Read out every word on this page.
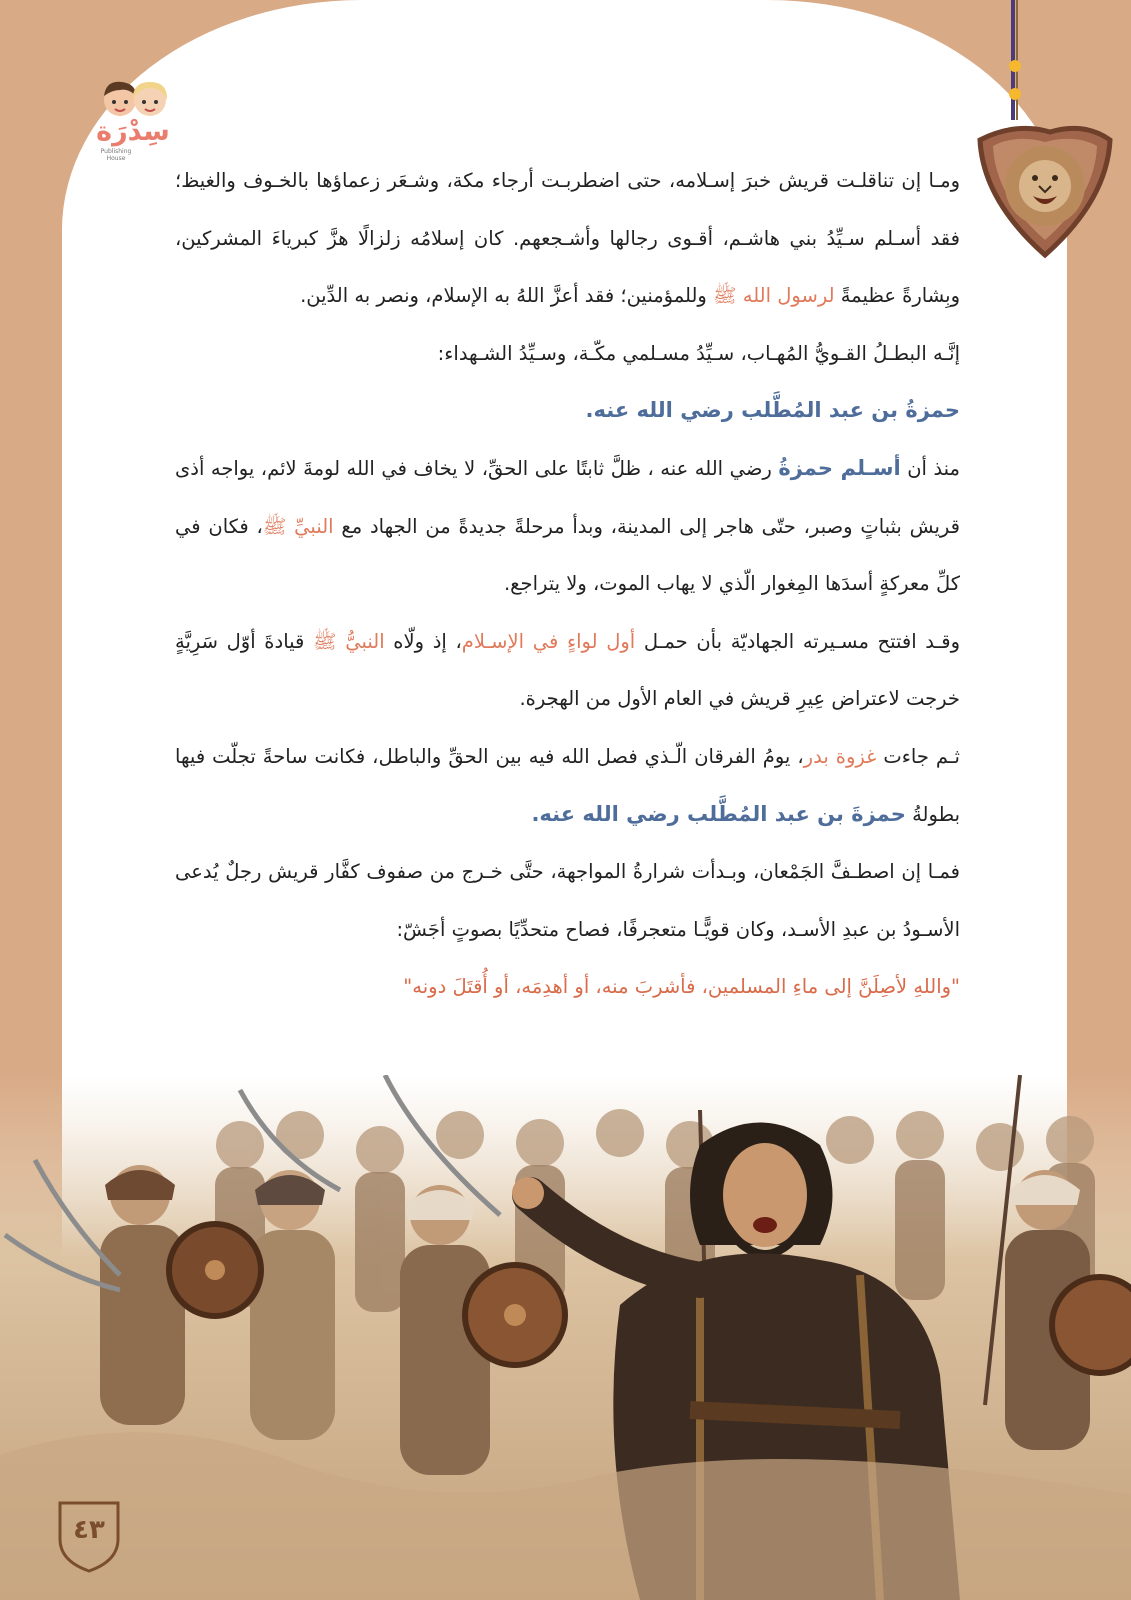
سِدْرَة
Publishing House

ومـا إن تناقلـت قريش خبرَ إسـلامه، حتى اضطربـت أرجاء مكة، وشـعَر زعماؤها بالخـوف والغيظ؛ فقد أسـلم سـيِّدُ بني هاشـم، أقـوى رجالها وأشـجعهم. كان إسلامُه زلزالًا هزَّ كبرياءَ المشركين، وبِشارةً عظيمةً لرسول الله ﷺ وللمؤمنين؛ فقد أعزَّ اللهُ به الإسلام، ونصر به الدِّين.

إنَّـه البطـلُ القـويُّ المُهـاب، سـيِّدُ مسـلمي مكّـة، وسـيِّدُ الشـهداء:
حمزةُ بن عبد المُطَّلب رضي الله عنه.

منذ أن أسـلم حمزةُ رضي الله عنه ، ظلَّ ثابتًا على الحقِّ، لا يخاف في الله لومةَ لائم، يواجه أذى قريش بثباتٍ وصبر، حتّى هاجر إلى المدينة، وبدأ مرحلةً جديدةً من الجهاد مع النبيِّ ﷺ، فكان في كلِّ معركةٍ أسدَها المِغوار الّذي لا يهاب الموت، ولا يتراجع.

وقـد افتتح مسـيرته الجهاديّة بأن حمـل أول لواءٍ في الإسـلام، إذ ولّاه النبيُّ ﷺ قيادةَ أوّل سَرِيَّةٍ خرجت لاعتراض عِيرِ قريش في العام الأول من الهجرة.

ثـم جاءت غزوة بدر، يومُ الفرقان الّـذي فصل الله فيه بين الحقِّ والباطل، فكانت ساحةً تجلّت فيها بطولةُ حمزةَ بن عبد المُطَّلب رضي الله عنه.

فمـا إن اصطـفَّ الجَمْعان، وبـدأت شرارةُ المواجهة، حتَّى خـرج من صفوف كفَّار قريش رجلٌ يُدعى الأسـودُ بن عبدِ الأسـد، وكان قويًّـا متعجرفًا، فصاح متحدِّيًا بصوتٍ أجَشّ:

"واللهِ لأصِلَنَّ إلى ماءِ المسلمين، فأشربَ منه، أو أهدِمَه، أو أُقتَلَ دونه"

٤٣
